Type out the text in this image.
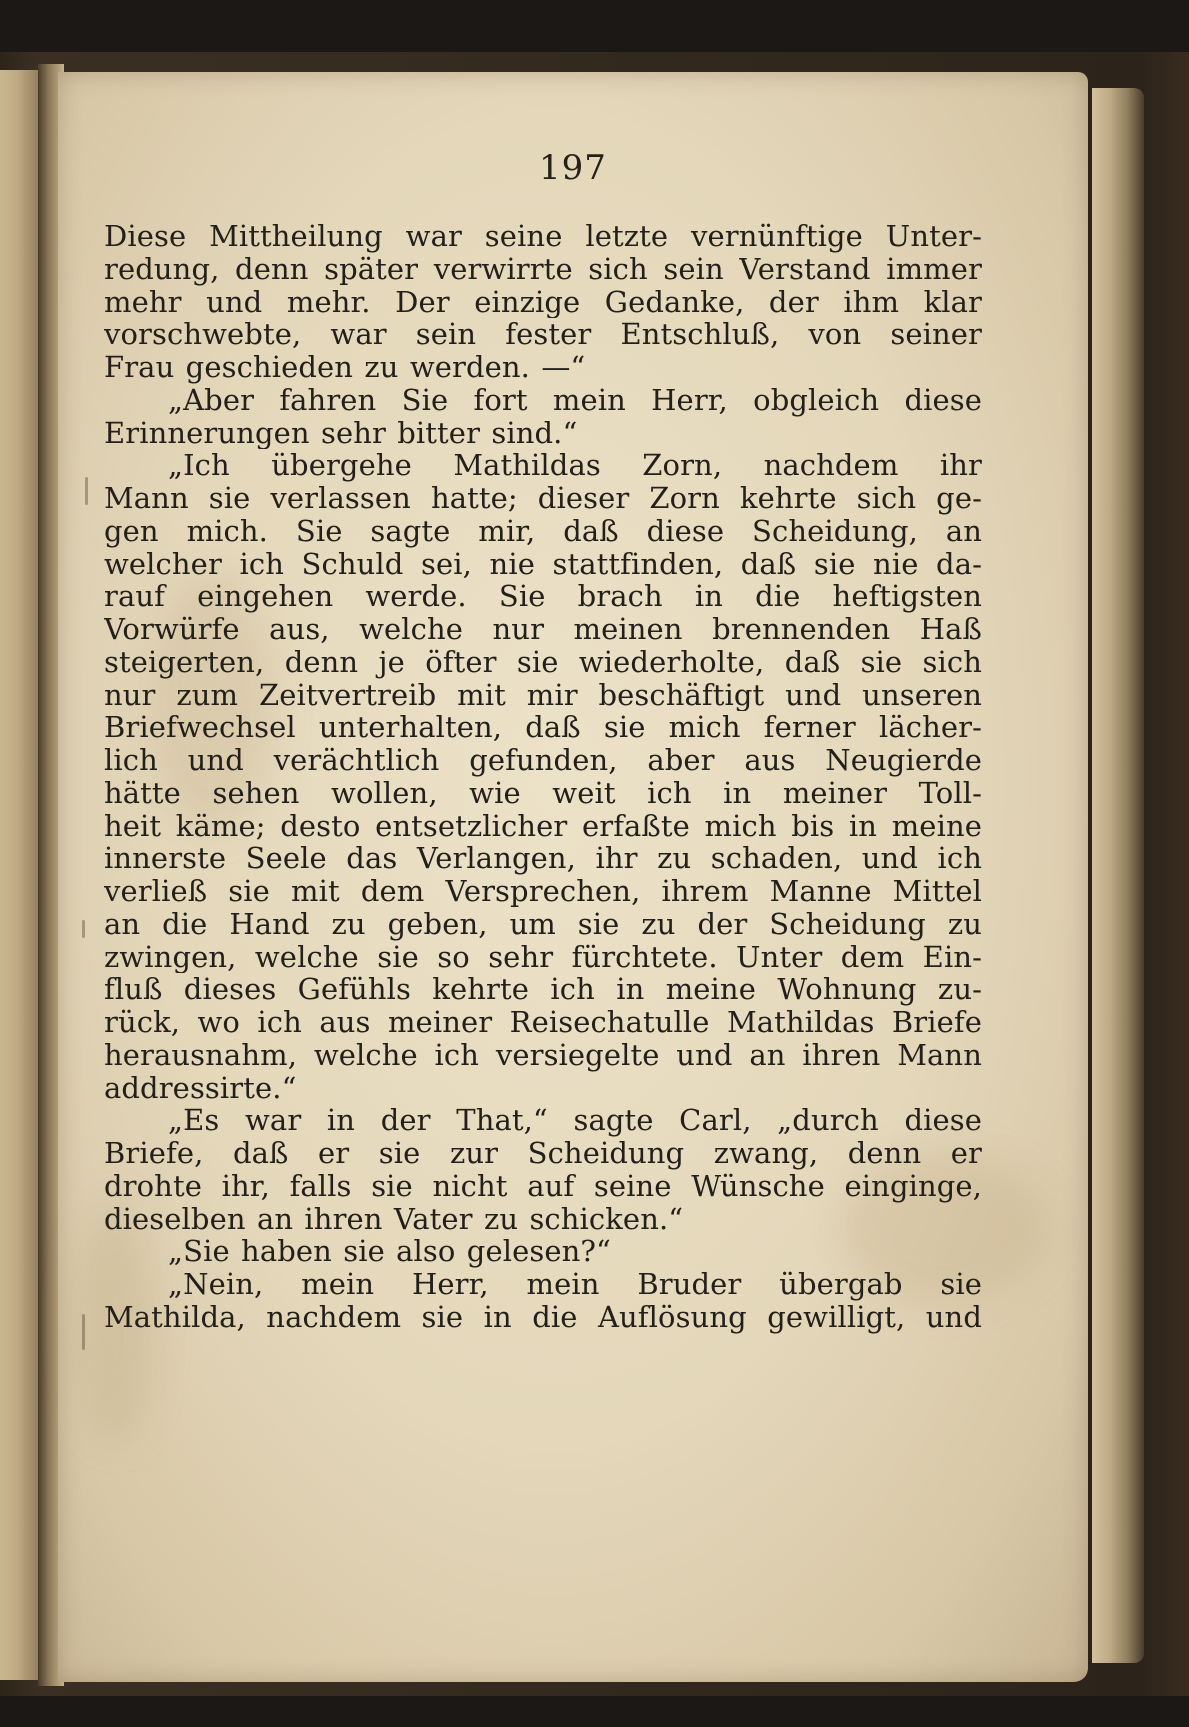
197
Diese Mittheilung war seine letzte vernünftige Unter-
redung, denn später verwirrte sich sein Verstand immer
mehr und mehr. Der einzige Gedanke, der ihm klar
vorschwebte, war sein fester Entschluß, von seiner
Frau geschieden zu werden. —“
„Aber fahren Sie fort mein Herr, obgleich diese
Erinnerungen sehr bitter sind.“
„Ich übergehe Mathildas Zorn, nachdem ihr
Mann sie verlassen hatte; dieser Zorn kehrte sich ge-
gen mich. Sie sagte mir, daß diese Scheidung, an
welcher ich Schuld sei, nie stattfinden, daß sie nie da-
rauf eingehen werde. Sie brach in die heftigsten
Vorwürfe aus, welche nur meinen brennenden Haß
steigerten, denn je öfter sie wiederholte, daß sie sich
nur zum Zeitvertreib mit mir beschäftigt und unseren
Briefwechsel unterhalten, daß sie mich ferner lächer-
lich und verächtlich gefunden, aber aus Neugierde
hätte sehen wollen, wie weit ich in meiner Toll-
heit käme; desto entsetzlicher erfaßte mich bis in meine
innerste Seele das Verlangen, ihr zu schaden, und ich
verließ sie mit dem Versprechen, ihrem Manne Mittel
an die Hand zu geben, um sie zu der Scheidung zu
zwingen, welche sie so sehr fürchtete. Unter dem Ein-
fluß dieses Gefühls kehrte ich in meine Wohnung zu-
rück, wo ich aus meiner Reisechatulle Mathildas Briefe
herausnahm, welche ich versiegelte und an ihren Mann
addressirte.“
„Es war in der That,“ sagte Carl, „durch diese
Briefe, daß er sie zur Scheidung zwang, denn er
drohte ihr, falls sie nicht auf seine Wünsche einginge,
dieselben an ihren Vater zu schicken.“
„Sie haben sie also gelesen?“
„Nein, mein Herr, mein Bruder übergab sie
Mathilda, nachdem sie in die Auflösung gewilligt, und
